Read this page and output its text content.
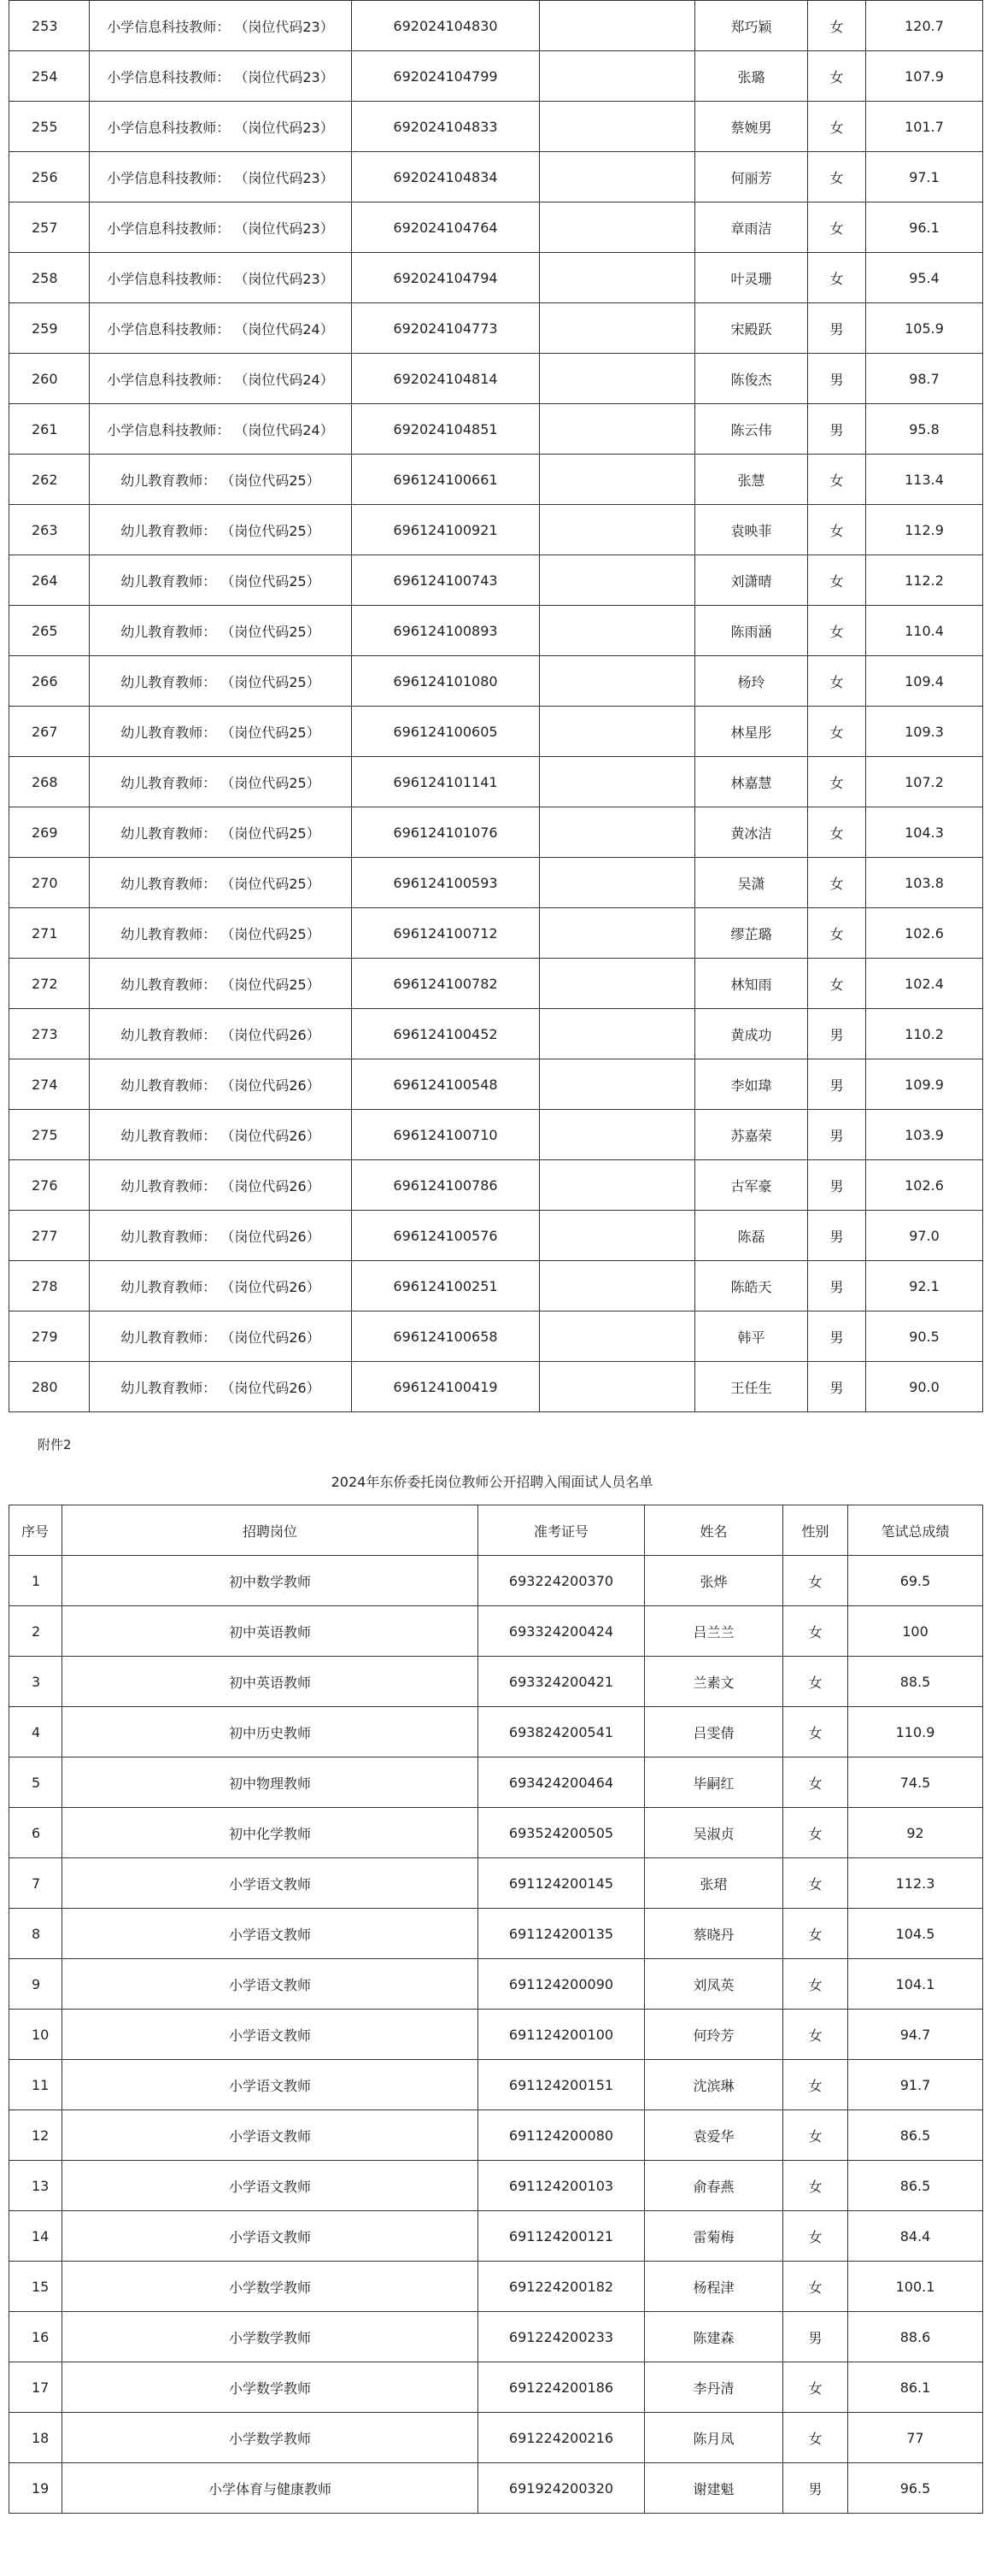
253	小学信息科技教师： （岗位代码23）	692024104830		郑巧颖	女	120.7
254	小学信息科技教师： （岗位代码23）	692024104799		张璐	女	107.9
255	小学信息科技教师： （岗位代码23）	692024104833		蔡婉男	女	101.7
256	小学信息科技教师： （岗位代码23）	692024104834		何丽芳	女	97.1
257	小学信息科技教师： （岗位代码23）	692024104764		章雨洁	女	96.1
258	小学信息科技教师： （岗位代码23）	692024104794		叶灵珊	女	95.4
259	小学信息科技教师： （岗位代码24）	692024104773		宋殿跃	男	105.9
260	小学信息科技教师： （岗位代码24）	692024104814		陈俊杰	男	98.7
261	小学信息科技教师： （岗位代码24）	692024104851		陈云伟	男	95.8
262	幼儿教育教师： （岗位代码25）	696124100661		张慧	女	113.4
263	幼儿教育教师： （岗位代码25）	696124100921		袁映菲	女	112.9
264	幼儿教育教师： （岗位代码25）	696124100743		刘潇晴	女	112.2
265	幼儿教育教师： （岗位代码25）	696124100893		陈雨涵	女	110.4
266	幼儿教育教师： （岗位代码25）	696124101080		杨玲	女	109.4
267	幼儿教育教师： （岗位代码25）	696124100605		林星彤	女	109.3
268	幼儿教育教师： （岗位代码25）	696124101141		林嘉慧	女	107.2
269	幼儿教育教师： （岗位代码25）	696124101076		黄冰洁	女	104.3
270	幼儿教育教师： （岗位代码25）	696124100593		吴潇	女	103.8
271	幼儿教育教师： （岗位代码25）	696124100712		缪芷璐	女	102.6
272	幼儿教育教师： （岗位代码25）	696124100782		林知雨	女	102.4
273	幼儿教育教师： （岗位代码26）	696124100452		黄成功	男	110.2
274	幼儿教育教师： （岗位代码26）	696124100548		李如瑋	男	109.9
275	幼儿教育教师： （岗位代码26）	696124100710		苏嘉荣	男	103.9
276	幼儿教育教师： （岗位代码26）	696124100786		古军豪	男	102.6
277	幼儿教育教师： （岗位代码26）	696124100576		陈磊	男	97.0
278	幼儿教育教师： （岗位代码26）	696124100251		陈皓天	男	92.1
279	幼儿教育教师： （岗位代码26）	696124100658		韩平	男	90.5
280	幼儿教育教师： （岗位代码26）	696124100419		王任生	男	90.0
附件2
2024年东侨委托岗位教师公开招聘入闱面试人员名单
序号	招聘岗位	准考证号	姓名	性别	笔试总成绩
1	初中数学教师	693224200370	张烨	女	69.5
2	初中英语教师	693324200424	吕兰兰	女	100
3	初中英语教师	693324200421	兰素文	女	88.5
4	初中历史教师	693824200541	吕雯倩	女	110.9
5	初中物理教师	693424200464	毕嗣红	女	74.5
6	初中化学教师	693524200505	吴淑贞	女	92
7	小学语文教师	691124200145	张珺	女	112.3
8	小学语文教师	691124200135	蔡晓丹	女	104.5
9	小学语文教师	691124200090	刘凤英	女	104.1
10	小学语文教师	691124200100	何玲芳	女	94.7
11	小学语文教师	691124200151	沈滨琳	女	91.7
12	小学语文教师	691124200080	袁爱华	女	86.5
13	小学语文教师	691124200103	俞春燕	女	86.5
14	小学语文教师	691124200121	雷菊梅	女	84.4
15	小学数学教师	691224200182	杨程津	女	100.1
16	小学数学教师	691224200233	陈建森	男	88.6
17	小学数学教师	691224200186	李丹清	女	86.1
18	小学数学教师	691224200216	陈月凤	女	77
19	小学体育与健康教师	691924200320	谢建魁	男	96.5
